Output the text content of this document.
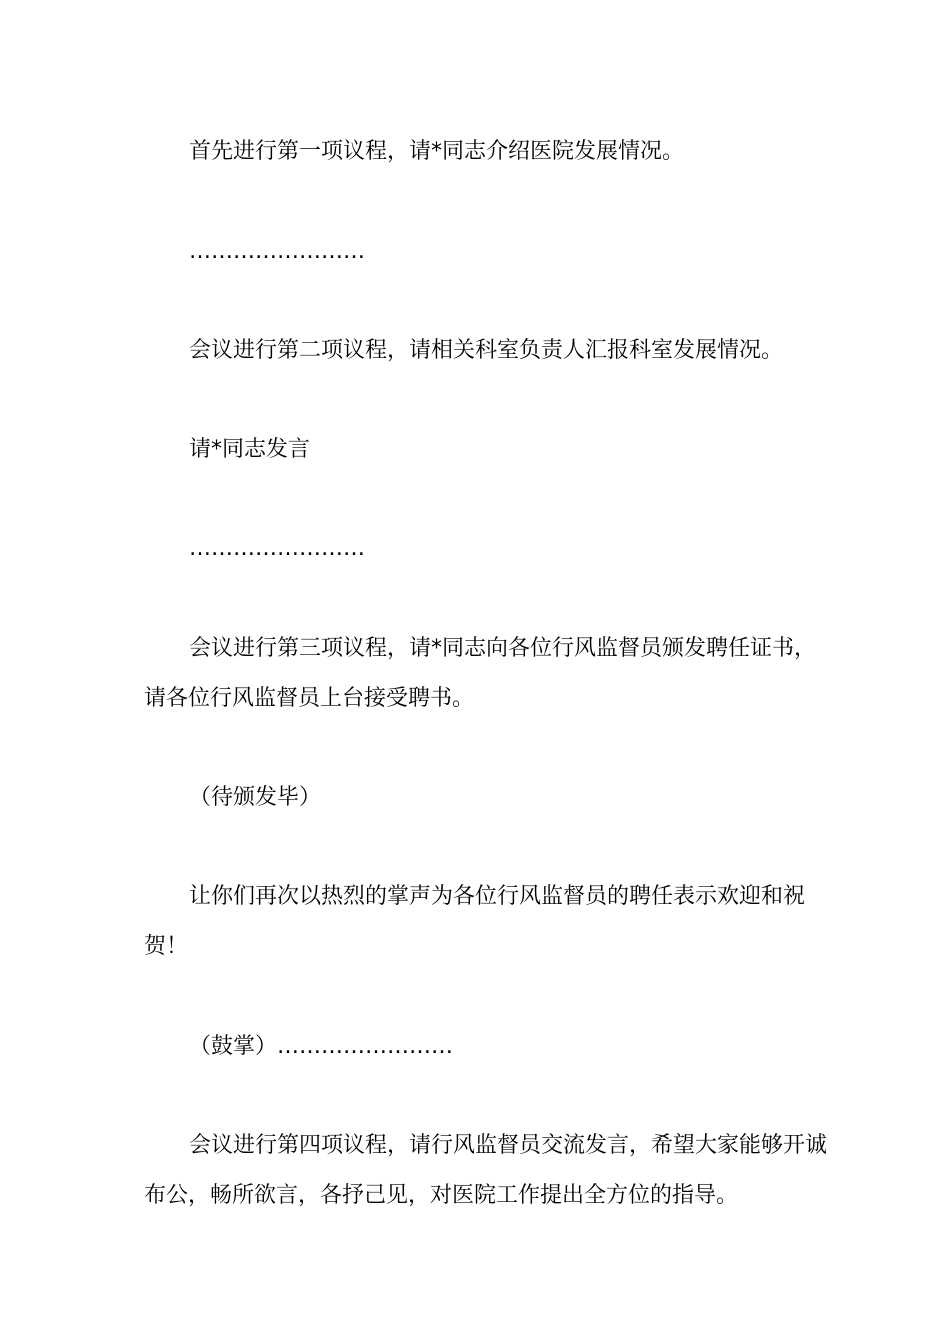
首先进行第一项议程，请*同志介绍医院发展情况。

……………………

会议进行第二项议程，请相关科室负责人汇报科室发展情况。

请*同志发言

……………………

会议进行第三项议程，请*同志向各位行风监督员颁发聘任证书，请各位行风监督员上台接受聘书。

（待颁发毕）

让你们再次以热烈的掌声为各位行风监督员的聘任表示欢迎和祝贺！

（鼓掌）……………………

会议进行第四项议程，请行风监督员交流发言，希望大家能够开诚布公，畅所欲言，各抒己见，对医院工作提出全方位的指导。
